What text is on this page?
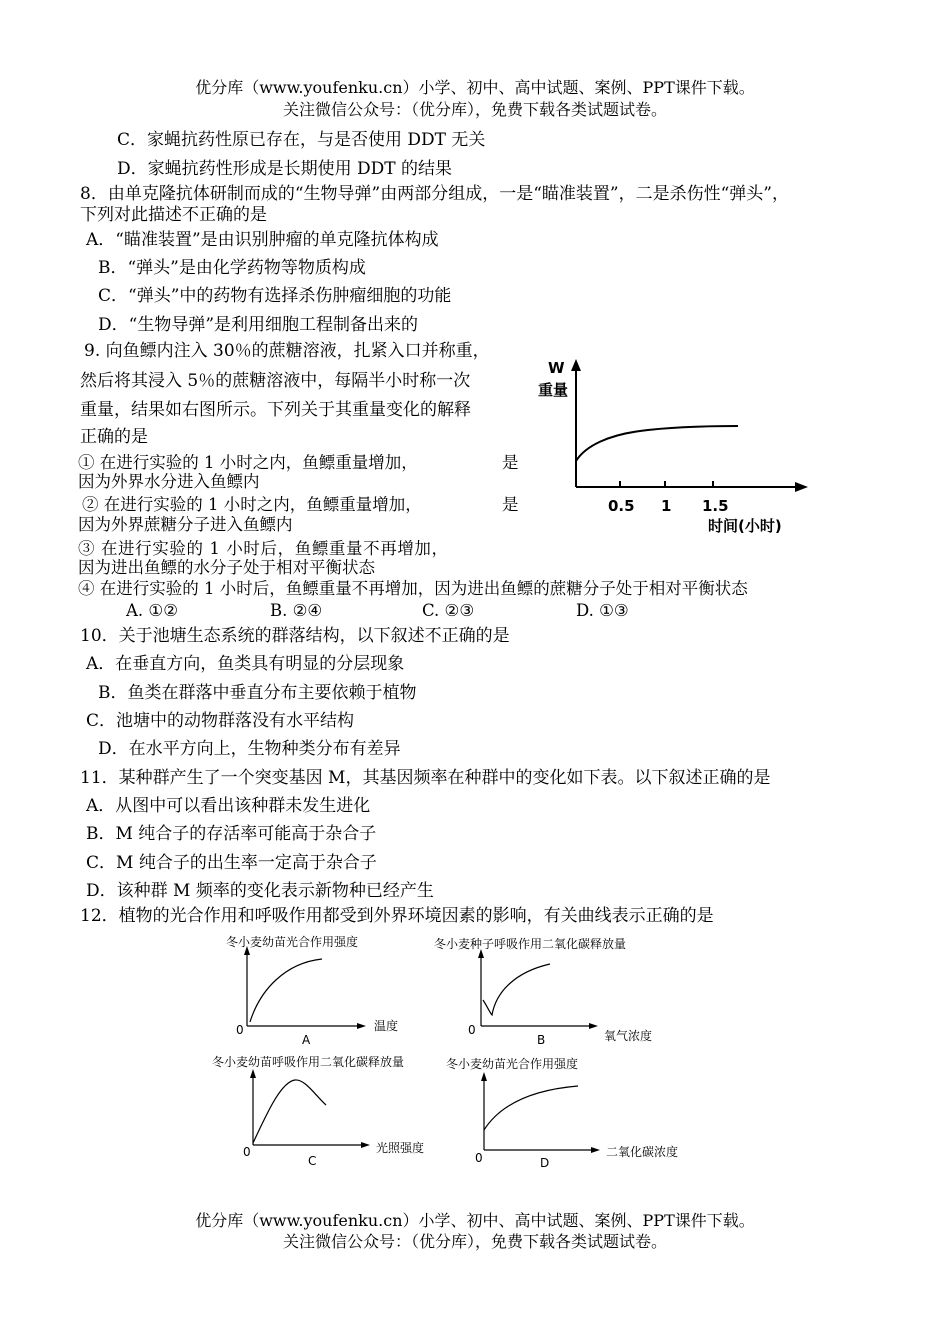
优分库（www.youfenku.cn）小学、初中、高中试题、案例、PPT课件下载。
关注微信公众号：（优分库），免费下载各类试题试卷。
C．家蝇抗药性原已存在，与是否使用 DDT 无关
D．家蝇抗药性形成是长期使用 DDT 的结果
8．由单克隆抗体研制而成的“生物导弹”由两部分组成，一是“瞄准装置”，二是杀伤性“弹头”，
下列对此描述不正确的是
A．“瞄准装置”是由识别肿瘤的单克隆抗体构成
B．“弹头”是由化学药物等物质构成
C．“弹头”中的药物有选择杀伤肿瘤细胞的功能
D．“生物导弹”是利用细胞工程制备出来的
9. 向鱼鳔内注入 30％的蔗糖溶液，扎紧入口并称重，
然后将其浸入 5％的蔗糖溶液中，每隔半小时称一次
重量，结果如右图所示。下列关于其重量变化的解释
正确的是
① 在进行实验的 1 小时之内，鱼鳔重量增加，	是
因为外界水分进入鱼鳔内
② 在进行实验的 1 小时之内，鱼鳔重量增加，	是
因为外界蔗糖分子进入鱼鳔内
③ 在进行实验的 1 小时后，鱼鳔重量不再增加，
因为进出鱼鳔的水分子处于相对平衡状态
④ 在进行实验的 1 小时后，鱼鳔重量不再增加，因为进出鱼鳔的蔗糖分子处于相对平衡状态
A. ①②	B. ②④	C. ②③	D. ①③
W
重量
0.5 1 1.5
时间(小时)
10．关于池塘生态系统的群落结构，以下叙述不正确的是
A．在垂直方向，鱼类具有明显的分层现象
B．鱼类在群落中垂直分布主要依赖于植物
C．池塘中的动物群落没有水平结构
D．在水平方向上，生物种类分布有差异
11．某种群产生了一个突变基因 M，其基因频率在种群中的变化如下表。以下叙述正确的是
A．从图中可以看出该种群未发生进化
B．M 纯合子的存活率可能高于杂合子
C．M 纯合子的出生率一定高于杂合子
D．该种群 M 频率的变化表示新物种已经产生
12．植物的光合作用和呼吸作用都受到外界环境因素的影响，有关曲线表示正确的是
冬小麦幼苗光合作用强度
0
A
温度
冬小麦种子呼吸作用二氧化碳释放量
0
B	氧气浓度
冬小麦幼苗呼吸作用二氧化碳释放量
0
C
光照强度
冬小麦幼苗光合作用强度
0	D
二氧化碳浓度
优分库（www.youfenku.cn）小学、初中、高中试题、案例、PPT课件下载。
关注微信公众号：（优分库），免费下载各类试题试卷。
